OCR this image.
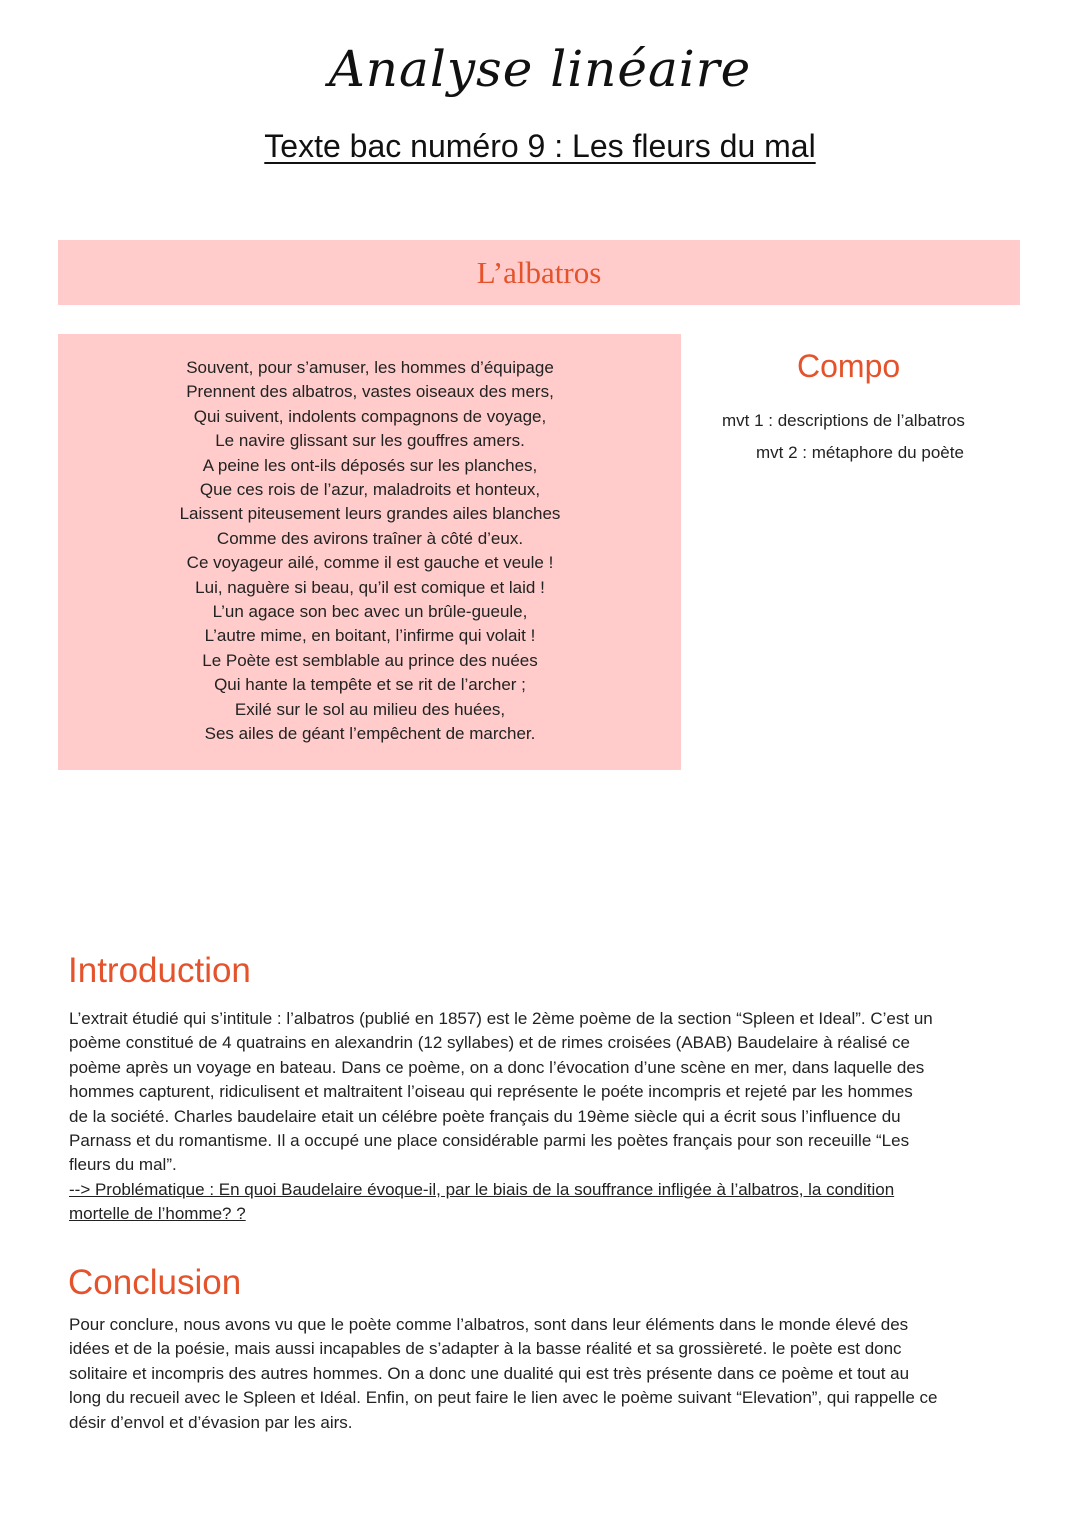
Analyse linéaire
Texte bac numéro 9 : Les fleurs du mal
L’albatros
Souvent, pour s’amuser, les hommes d’équipage
Prennent des albatros, vastes oiseaux des mers,
Qui suivent, indolents compagnons de voyage,
Le navire glissant sur les gouffres amers.
A peine les ont-ils déposés sur les planches,
Que ces rois de l’azur, maladroits et honteux,
Laissent piteusement leurs grandes ailes blanches
Comme des avirons traîner à côté d’eux.
Ce voyageur ailé, comme il est gauche et veule !
Lui, naguère si beau, qu’il est comique et laid !
L’un agace son bec avec un brûle-gueule,
L’autre mime, en boitant, l’infirme qui volait !
Le Poète est semblable au prince des nuées
Qui hante la tempête et se rit de l’archer ;
Exilé sur le sol au milieu des huées,
Ses ailes de géant l’empêchent de marcher.
Compo
mvt 1 : descriptions de l’albatros
mvt 2 : métaphore du poète
Introduction
L’extrait étudié qui s’intitule : l’albatros (publié en 1857) est le 2ème poème de la section “Spleen et Ideal”. C’est un
poème constitué de 4 quatrains en alexandrin (12 syllabes) et de rimes croisées (ABAB) Baudelaire à réalisé ce
poème après un voyage en bateau. Dans ce poème, on a donc l’évocation d’une scène en mer, dans laquelle des
hommes capturent, ridiculisent et maltraitent l’oiseau qui représente le poéte incompris et rejeté par les hommes
de la société. Charles baudelaire etait un célébre poète français du 19ème siècle qui a écrit sous l’influence du
Parnass et du romantisme. Il a occupé une place considérable parmi les poètes français pour son receuille “Les
fleurs du mal”.
--> Problématique : En quoi Baudelaire évoque-il, par le biais de la souffrance infligée à l’albatros, la condition
mortelle de l’homme? ?
Conclusion
Pour conclure, nous avons vu que le poète comme l’albatros, sont dans leur éléments dans le monde élevé des
idées et de la poésie, mais aussi incapables de s’adapter à la basse réalité et sa grossièreté. le poète est donc
solitaire et incompris des autres hommes. On a donc une dualité qui est très présente dans ce poème et tout au
long du recueil avec le Spleen et Idéal. Enfin, on peut faire le lien avec le poème suivant “Elevation”, qui rappelle ce
désir d’envol et d’évasion par les airs.
